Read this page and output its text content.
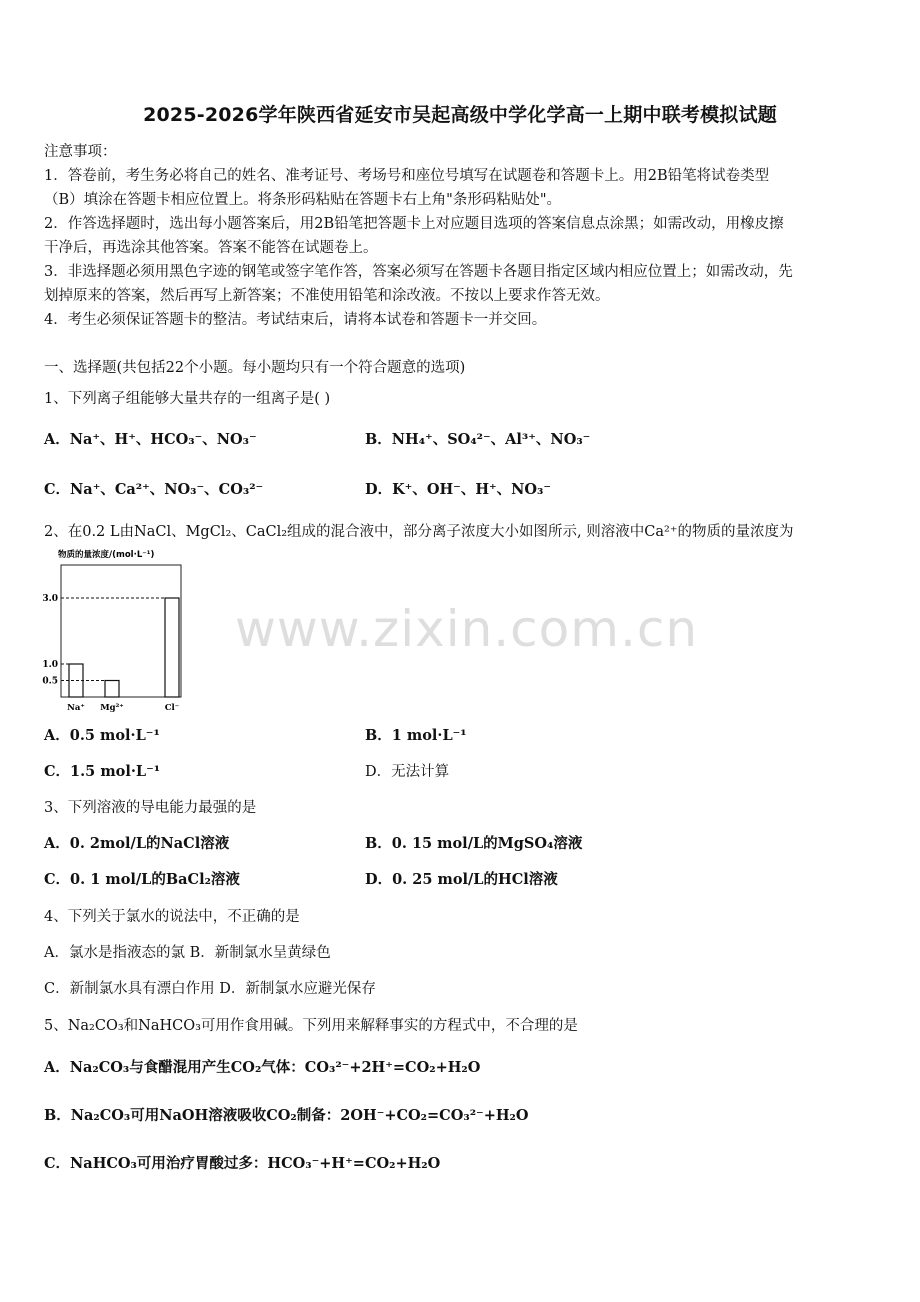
2025-2026学年陕西省延安市吴起高级中学化学高一上期中联考模拟试题
注意事项：
1．答卷前，考生务必将自己的姓名、准考证号、考场号和座位号填写在试题卷和答题卡上。用2B铅笔将试卷类型
（B）填涂在答题卡相应位置上。将条形码粘贴在答题卡右上角"条形码粘贴处"。
2．作答选择题时，选出每小题答案后，用2B铅笔把答题卡上对应题目选项的答案信息点涂黑；如需改动，用橡皮擦
干净后，再选涂其他答案。答案不能答在试题卷上。
3．非选择题必须用黑色字迹的钢笔或签字笔作答，答案必须写在答题卡各题目指定区域内相应位置上；如需改动，先
划掉原来的答案，然后再写上新答案；不准使用铅笔和涂改液。不按以上要求作答无效。
4．考生必须保证答题卡的整洁。考试结束后，请将本试卷和答题卡一并交回。
一、选择题(共包括22个小题。每小题均只有一个符合题意的选项)
1、下列离子组能够大量共存的一组离子是( )
A．Na⁺、H⁺、HCO₃⁻、NO₃⁻	B．NH₄⁺、SO₄²⁻、Al³⁺、NO₃⁻
C．Na⁺、Ca²⁺、NO₃⁻、CO₃²⁻	D．K⁺、OH⁻、H⁺、NO₃⁻
2、在0.2 L由NaCl、MgCl₂、CaCl₂组成的混合液中，部分离子浓度大小如图所示, 则溶液中Ca²⁺的物质的量浓度为
物质的量浓度/(mol·L⁻¹)
3.0
1.0
0.5
Na⁺ Mg²⁺	Cl⁻
A．0.5 mol·L⁻¹	B．1 mol·L⁻¹
C．1.5 mol·L⁻¹	D．无法计算
3、下列溶液的导电能力最强的是
A．0. 2mol/L的NaCl溶液	B．0. 15 mol/L的MgSO₄溶液
C．0. 1 mol/L的BaCl₂溶液	D．0. 25 mol/L的HCl溶液
4、下列关于氯水的说法中，不正确的是
A．氯水是指液态的氯 B．新制氯水呈黄绿色
C．新制氯水具有漂白作用 D．新制氯水应避光保存
5、Na₂CO₃和NaHCO₃可用作食用碱。下列用来解释事实的方程式中，不合理的是
A．Na₂CO₃与食醋混用产生CO₂气体：CO₃²⁻+2H⁺=CO₂+H₂O
B．Na₂CO₃可用NaOH溶液吸收CO₂制备：2OH⁻+CO₂=CO₃²⁻+H₂O
C．NaHCO₃可用治疗胃酸过多：HCO₃⁻+H⁺=CO₂+H₂O
www.zixin.com.cn
